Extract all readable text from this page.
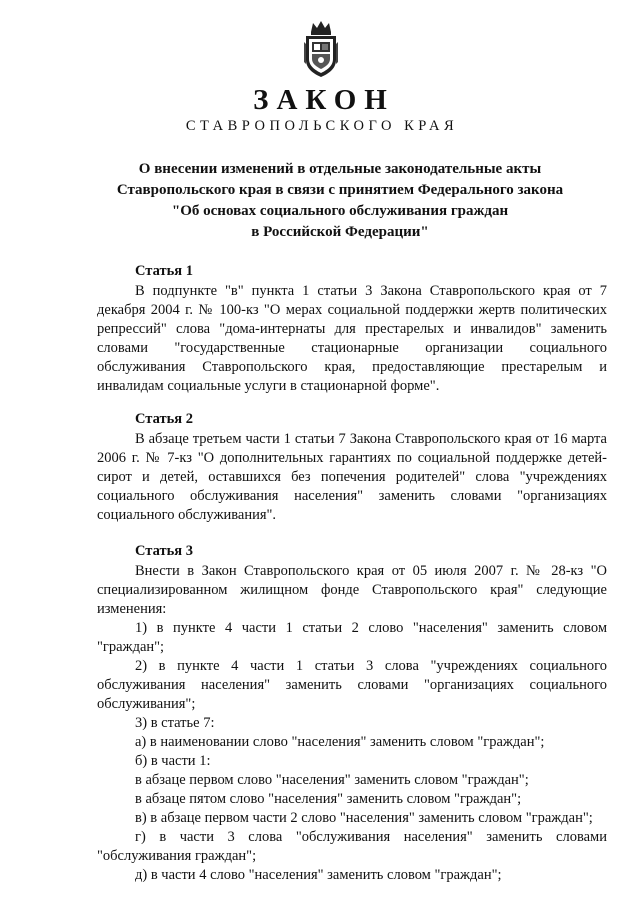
ЗАКОН
СТАВРОПОЛЬСКОГО КРАЯ
О внесении изменений в отдельные законодательные акты
Ставропольского края в связи с принятием Федерального закона
"Об основах социального обслуживания граждан
в Российской Федерации"

Статья 1

В подпункте "в" пункта 1 статьи 3 Закона Ставропольского края от 7 декабря 2004 г. № 100-кз "О мерах социальной поддержки жертв политических репрессий" слова "дома-интернаты для престарелых и инвалидов" заменить словами "государственные стационарные организации социального обслуживания Ставропольского края, предоставляющие престарелым и инвалидам социальные услуги в стационарной форме".

Статья 2

В абзаце третьем части 1 статьи 7 Закона Ставропольского края от 16 марта 2006 г. № 7-кз "О дополнительных гарантиях по социальной поддержке детей-сирот и детей, оставшихся без попечения родителей" слова "учреждениях социального обслуживания населения" заменить словами "организациях социального обслуживания".

Статья 3

Внести в Закон Ставропольского края от 05 июля 2007 г. № 28-кз "О специализированном жилищном фонде Ставропольского края" следующие изменения:

1) в пункте 4 части 1 статьи 2 слово "населения" заменить словом "граждан";

2) в пункте 4 части 1 статьи 3 слова "учреждениях социального обслуживания населения" заменить словами "организациях социального обслуживания";

3) в статье 7:

а) в наименовании слово "населения" заменить словом "граждан";

б) в части 1:

в абзаце первом слово "населения" заменить словом "граждан";

в абзаце пятом слово "населения" заменить словом "граждан";

в) в абзаце первом части 2 слово "населения" заменить словом "граждан";

г) в части 3 слова "обслуживания населения" заменить словами "обслуживания граждан";

д) в части 4 слово "населения" заменить словом "граждан";
